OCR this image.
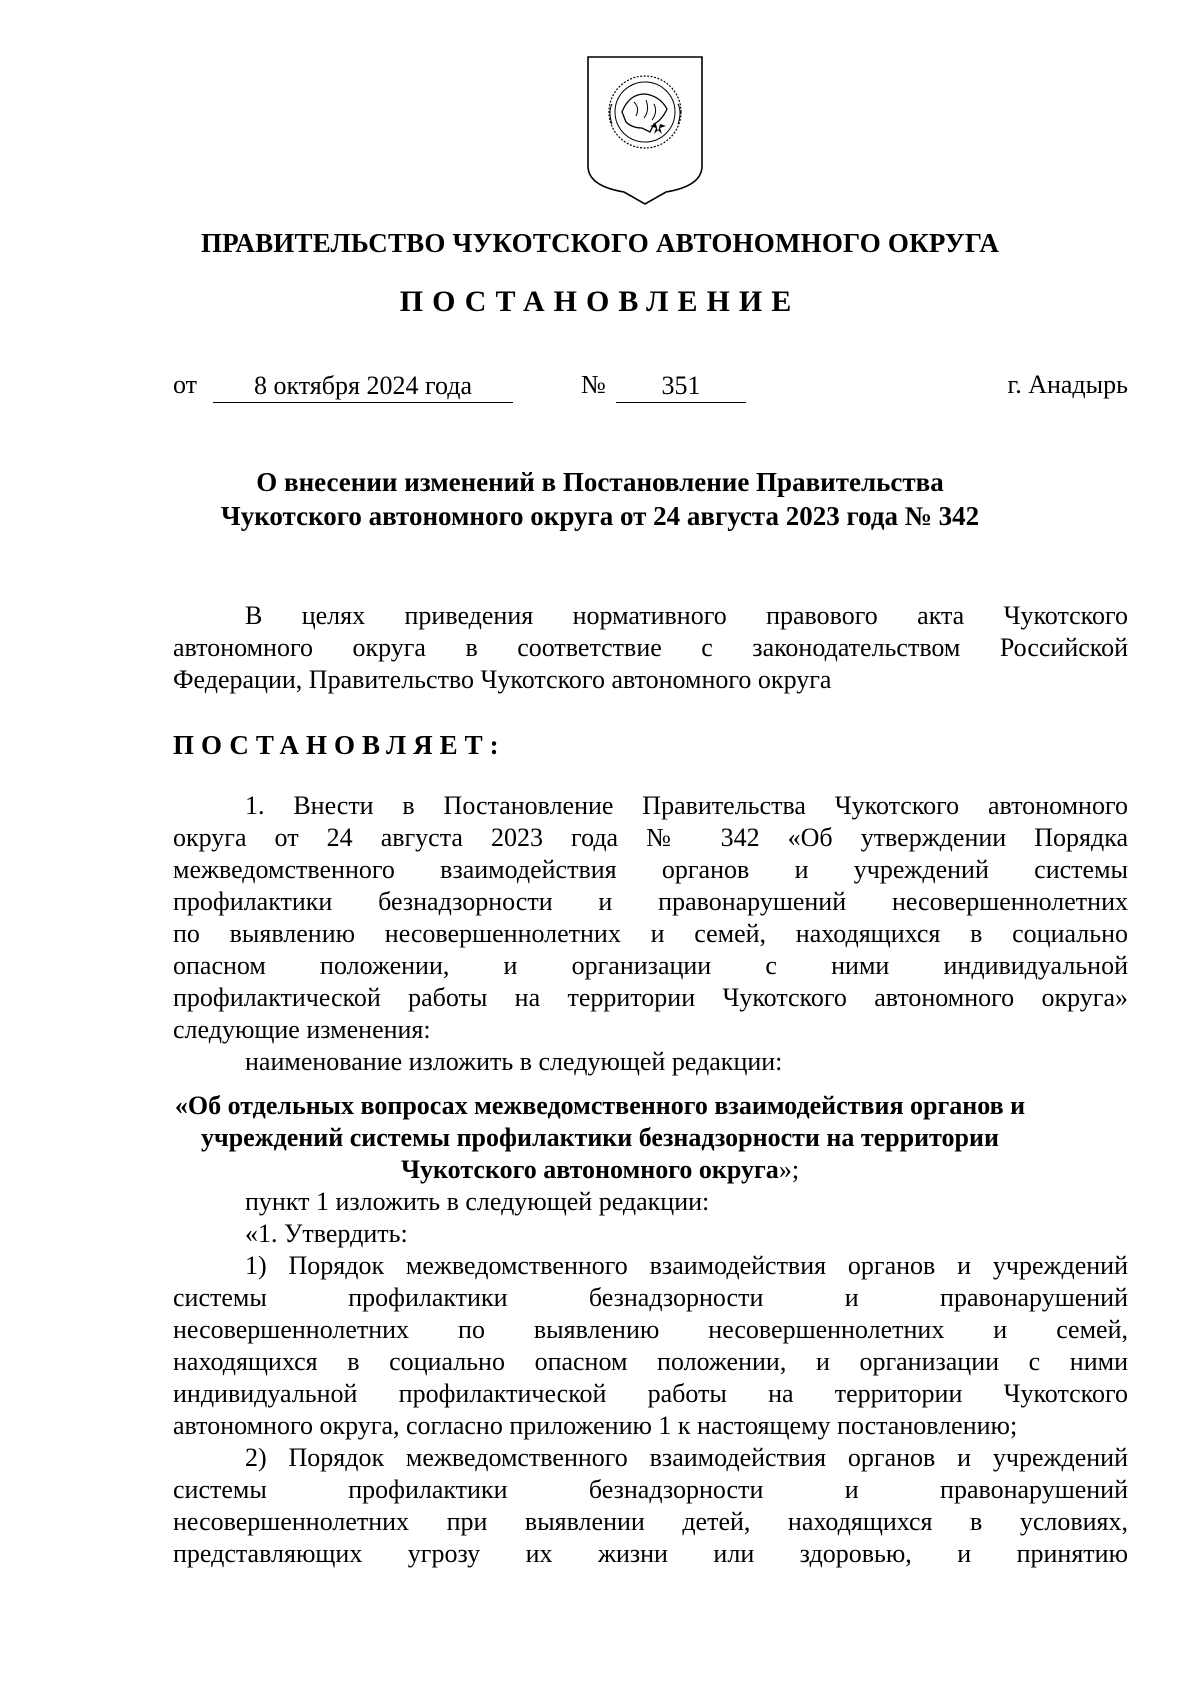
ПРАВИТЕЛЬСТВО ЧУКОТСКОГО АВТОНОМНОГО ОКРУГА
ПОСТАНОВЛЕНИЕ
от	8 октября 2024 года	№	351	г. Анадырь
О внесении изменений в Постановление Правительства
Чукотского автономного округа от 24 августа 2023 года № 342
В целях приведения нормативного правового акта Чукотского
автономного округа в соответствие с законодательством Российской
Федерации, Правительство Чукотского автономного округа
ПОСТАНОВЛЯЕТ:
1. Внести в Постановление Правительства Чукотского автономного
округа от 24 августа 2023 года № 342 «Об утверждении Порядка
межведомственного взаимодействия органов и учреждений системы
профилактики безнадзорности и правонарушений несовершеннолетних
по выявлению несовершеннолетних и семей, находящихся в социально
опасном положении, и организации с ними индивидуальной
профилактической работы на территории Чукотского автономного округа»
следующие изменения:
наименование изложить в следующей редакции:
«Об отдельных вопросах межведомственного взаимодействия органов и
учреждений системы профилактики безнадзорности на территории
Чукотского автономного округа»;
пункт 1 изложить в следующей редакции:
«1. Утвердить:
1) Порядок межведомственного взаимодействия органов и учреждений
системы профилактики безнадзорности и правонарушений
несовершеннолетних по выявлению несовершеннолетних и семей,
находящихся в социально опасном положении, и организации с ними
индивидуальной профилактической работы на территории Чукотского
автономного округа, согласно приложению 1 к настоящему постановлению;
2) Порядок межведомственного взаимодействия органов и учреждений
системы профилактики безнадзорности и правонарушений
несовершеннолетних при выявлении детей, находящихся в условиях,
представляющих угрозу их жизни или здоровью, и принятию
